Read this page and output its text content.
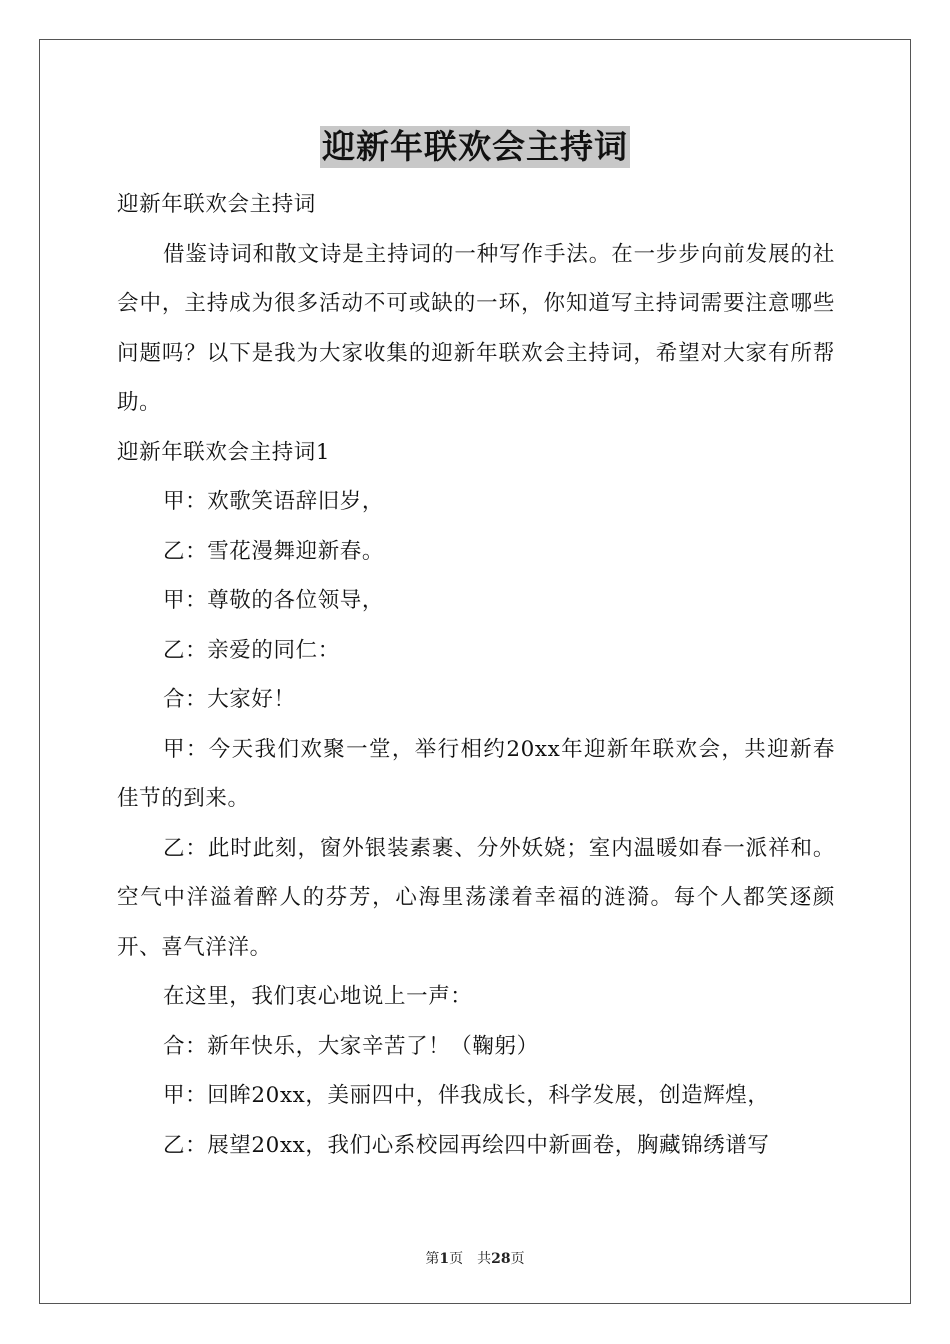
迎新年联欢会主持词

迎新年联欢会主持词

借鉴诗词和散文诗是主持词的一种写作手法。在一步步向前发展的社会中，主持成为很多活动不可或缺的一环，你知道写主持词需要注意哪些问题吗？以下是我为大家收集的迎新年联欢会主持词，希望对大家有所帮助。

迎新年联欢会主持词1

甲：欢歌笑语辞旧岁，

乙：雪花漫舞迎新春。

甲：尊敬的各位领导，

乙：亲爱的同仁：

合：大家好！

甲：今天我们欢聚一堂，举行相约20xx年迎新年联欢会，共迎新春佳节的到来。

乙：此时此刻，窗外银装素裹、分外妖娆；室内温暖如春一派祥和。空气中洋溢着醉人的芬芳，心海里荡漾着幸福的涟漪。每个人都笑逐颜开、喜气洋洋。

在这里，我们衷心地说上一声：

合：新年快乐，大家辛苦了！（鞠躬）

甲：回眸20xx，美丽四中，伴我成长，科学发展，创造辉煌，

乙：展望20xx，我们心系校园再绘四中新画卷，胸藏锦绣谱写

第1页 共28页
